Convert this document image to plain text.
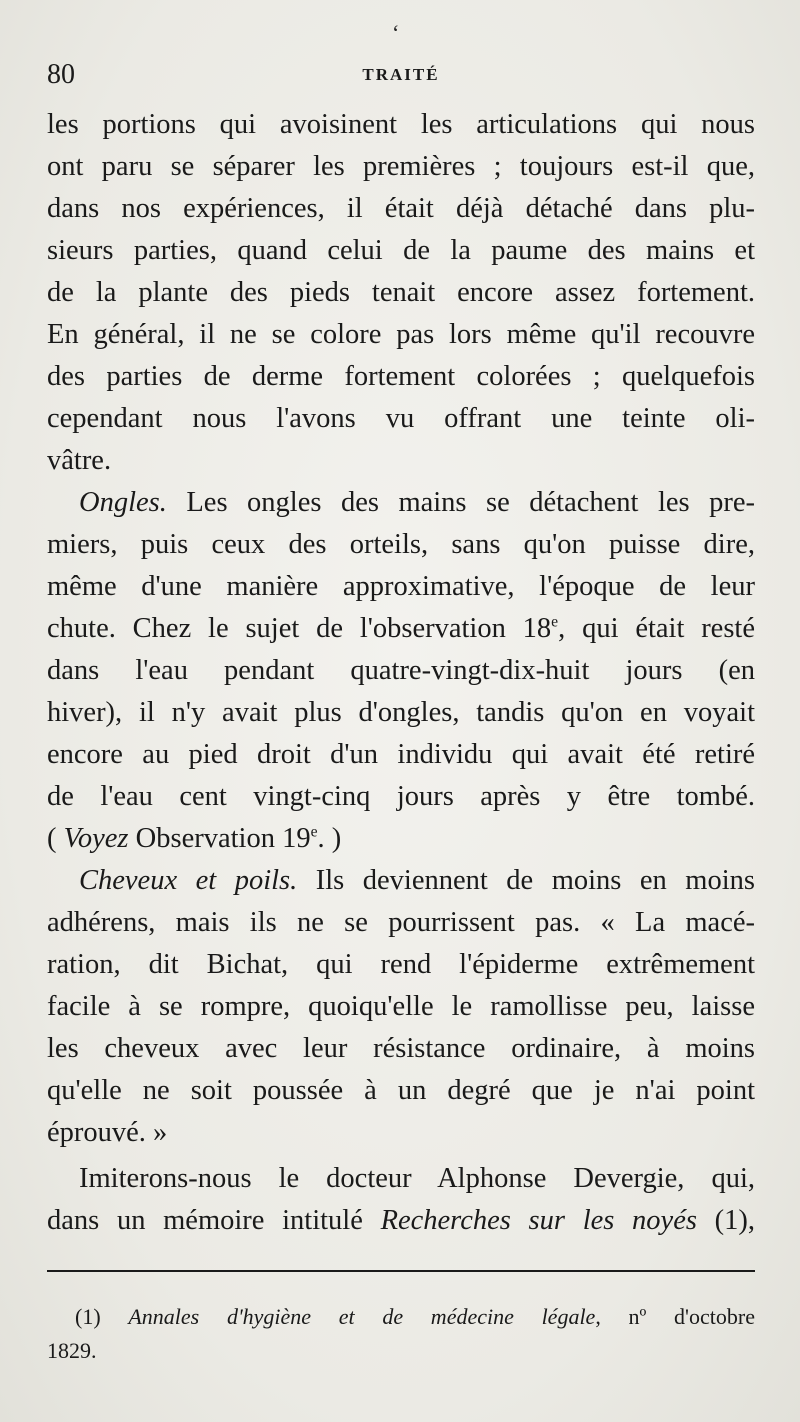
‘
80	TRAITÉ
les portions qui avoisinent les articulations qui nous
ont paru se séparer les premières ; toujours est-il que,
dans nos expériences, il était déjà détaché dans plu-
sieurs parties, quand celui de la paume des mains et
de la plante des pieds tenait encore assez fortement.
En général, il ne se colore pas lors même qu'il recouvre
des parties de derme fortement colorées ; quelquefois
cependant nous l'avons vu offrant une teinte oli-
vâtre.
Ongles. Les ongles des mains se détachent les pre-
miers, puis ceux des orteils, sans qu'on puisse dire,
même d'une manière approximative, l'époque de leur
chute. Chez le sujet de l'observation 18e, qui était resté
dans l'eau pendant quatre-vingt-dix-huit jours (en
hiver), il n'y avait plus d'ongles, tandis qu'on en voyait
encore au pied droit d'un individu qui avait été retiré
de l'eau cent vingt-cinq jours après y être tombé.
( Voyez Observation 19e. )
Cheveux et poils. Ils deviennent de moins en moins
adhérens, mais ils ne se pourrissent pas. « La macé-
ration, dit Bichat, qui rend l'épiderme extrêmement
facile à se rompre, quoiqu'elle le ramollisse peu, laisse
les cheveux avec leur résistance ordinaire, à moins
qu'elle ne soit poussée à un degré que je n'ai point
éprouvé. »
Imiterons-nous le docteur Alphonse Devergie, qui,
dans un mémoire intitulé Recherches sur les noyés (1),
(1) Annales d'hygiène et de médecine légale, nº d'octobre
1829.
